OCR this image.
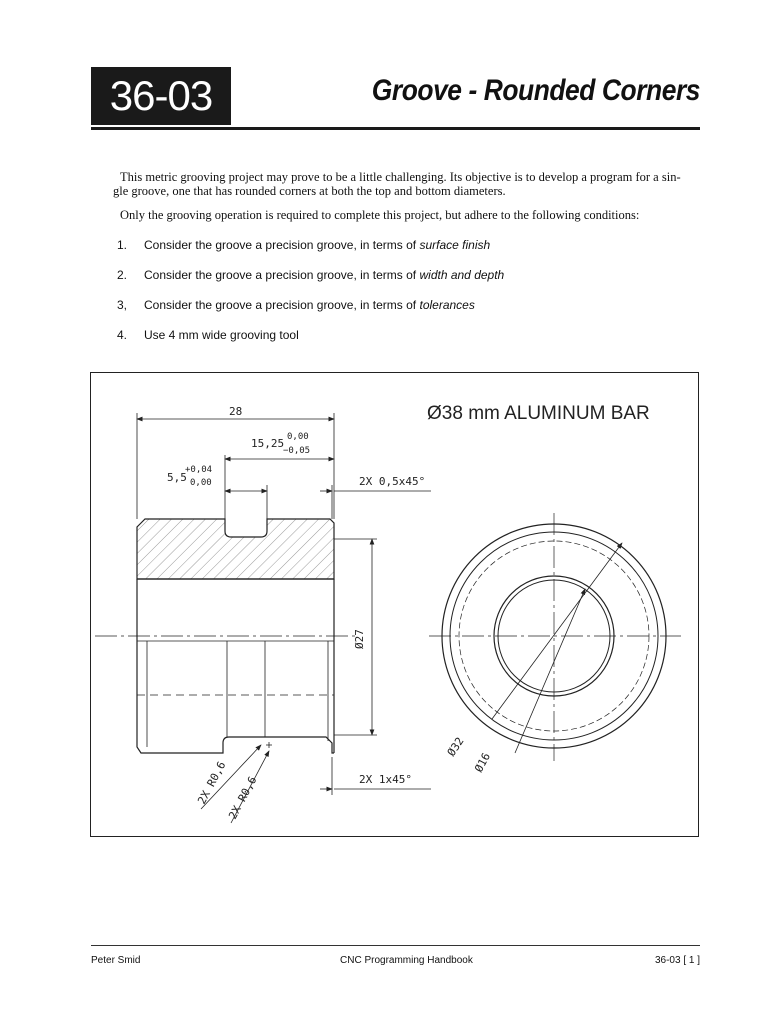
36-03	Groove - Rounded Corners
This metric grooving project may prove to be a little challenging. Its objective is to develop a program for a sin-
gle groove, one that has rounded corners at both the top and bottom diameters.
Only the grooving operation is required to complete this project, but adhere to the following conditions:
1. Consider the groove a precision groove, in terms of surface finish
2. Consider the groove a precision groove, in terms of width and depth
3, Consider the groove a precision groove, in terms of tolerances
4. Use 4 mm wide grooving tool
Ø38 mm ALUMINUM BAR
28
15,25 0,00
−0,05
5,5
+0,04
0,00	2X 0,5x45°
Ø27
2X 1x45°
2X R0,6
2X R0,6
Ø32
Ø16
Peter Smid	CNC Programming Handbook	36-03 [ 1 ]
